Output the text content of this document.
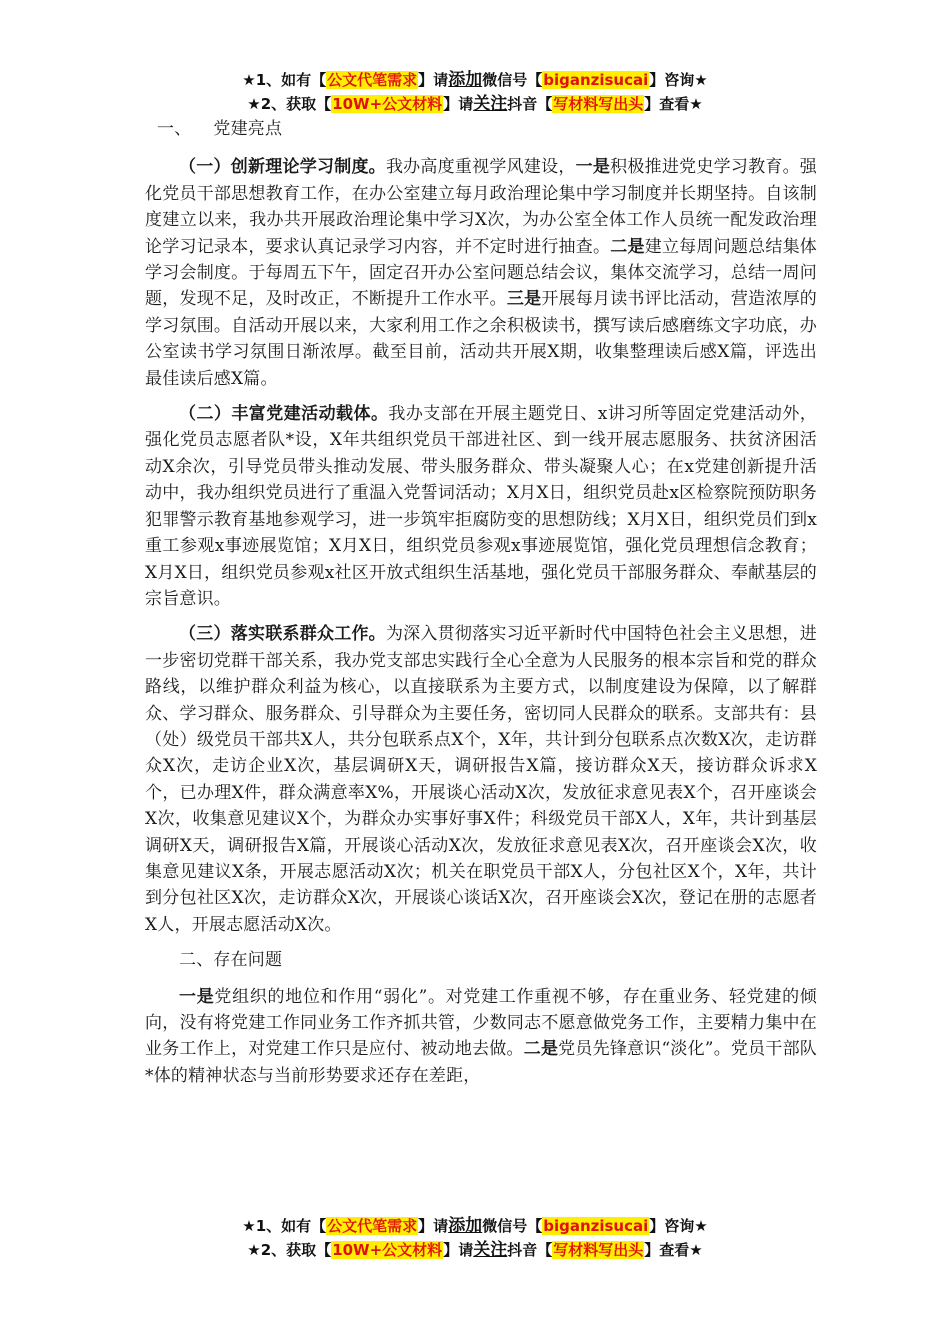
★1、如有【公文代笔需求】请添加微信号【biganzisucai】咨询★
★2、获取【10W+公文材料】请关注抖音【写材料写出头】查看★

一、 党建亮点

（一）创新理论学习制度。我办高度重视学风建设，一是积极推进党史学习教育。强化党员干部思想教育工作，在办公室建立每月政治理论集中学习制度并长期坚持。自该制度建立以来，我办共开展政治理论集中学习X次，为办公室全体工作人员统一配发政治理论学习记录本，要求认真记录学习内容，并不定时进行抽查。二是建立每周问题总结集体学习会制度。于每周五下午，固定召开办公室问题总结会议，集体交流学习，总结一周问题，发现不足，及时改正，不断提升工作水平。三是开展每月读书评比活动，营造浓厚的学习氛围。自活动开展以来，大家利用工作之余积极读书，撰写读后感磨练文字功底，办公室读书学习氛围日渐浓厚。截至目前，活动共开展X期，收集整理读后感X篇，评选出最佳读后感X篇。

（二）丰富党建活动载体。我办支部在开展主题党日、x讲习所等固定党建活动外，强化党员志愿者队*设，X年共组织党员干部进社区、到一线开展志愿服务、扶贫济困活动X余次，引导党员带头推动发展、带头服务群众、带头凝聚人心；在x党建创新提升活动中，我办组织党员进行了重温入党誓词活动；X月X日，组织党员赴x区检察院预防职务犯罪警示教育基地参观学习，进一步筑牢拒腐防变的思想防线；X月X日，组织党员们到x重工参观x事迹展览馆；X月X日，组织党员参观x事迹展览馆，强化党员理想信念教育；X月X日，组织党员参观x社区开放式组织生活基地，强化党员干部服务群众、奉献基层的宗旨意识。

（三）落实联系群众工作。为深入贯彻落实习近平新时代中国特色社会主义思想，进一步密切党群干部关系，我办党支部忠实践行全心全意为人民服务的根本宗旨和党的群众路线，以维护群众利益为核心，以直接联系为主要方式，以制度建设为保障，以了解群众、学习群众、服务群众、引导群众为主要任务，密切同人民群众的联系。支部共有：县（处）级党员干部共X人，共分包联系点X个，X年，共计到分包联系点次数X次，走访群众X次，走访企业X次，基层调研X天，调研报告X篇，接访群众X天，接访群众诉求X个，已办理X件，群众满意率X%，开展谈心活动X次，发放征求意见表X个，召开座谈会X次，收集意见建议X个，为群众办实事好事X件；科级党员干部X人，X年，共计到基层调研X天，调研报告X篇，开展谈心活动X次，发放征求意见表X次，召开座谈会X次，收集意见建议X条，开展志愿活动X次；机关在职党员干部X人，分包社区X个，X年，共计到分包社区X次，走访群众X次，开展谈心谈话X次，召开座谈会X次，登记在册的志愿者X人，开展志愿活动X次。

二、存在问题

一是党组织的地位和作用“弱化”。对党建工作重视不够，存在重业务、轻党建的倾向，没有将党建工作同业务工作齐抓共管，少数同志不愿意做党务工作，主要精力集中在业务工作上，对党建工作只是应付、被动地去做。二是党员先锋意识“淡化”。党员干部队*体的精神状态与当前形势要求还存在差距，

★1、如有【公文代笔需求】请添加微信号【biganzisucai】咨询★
★2、获取【10W+公文材料】请关注抖音【写材料写出头】查看★
